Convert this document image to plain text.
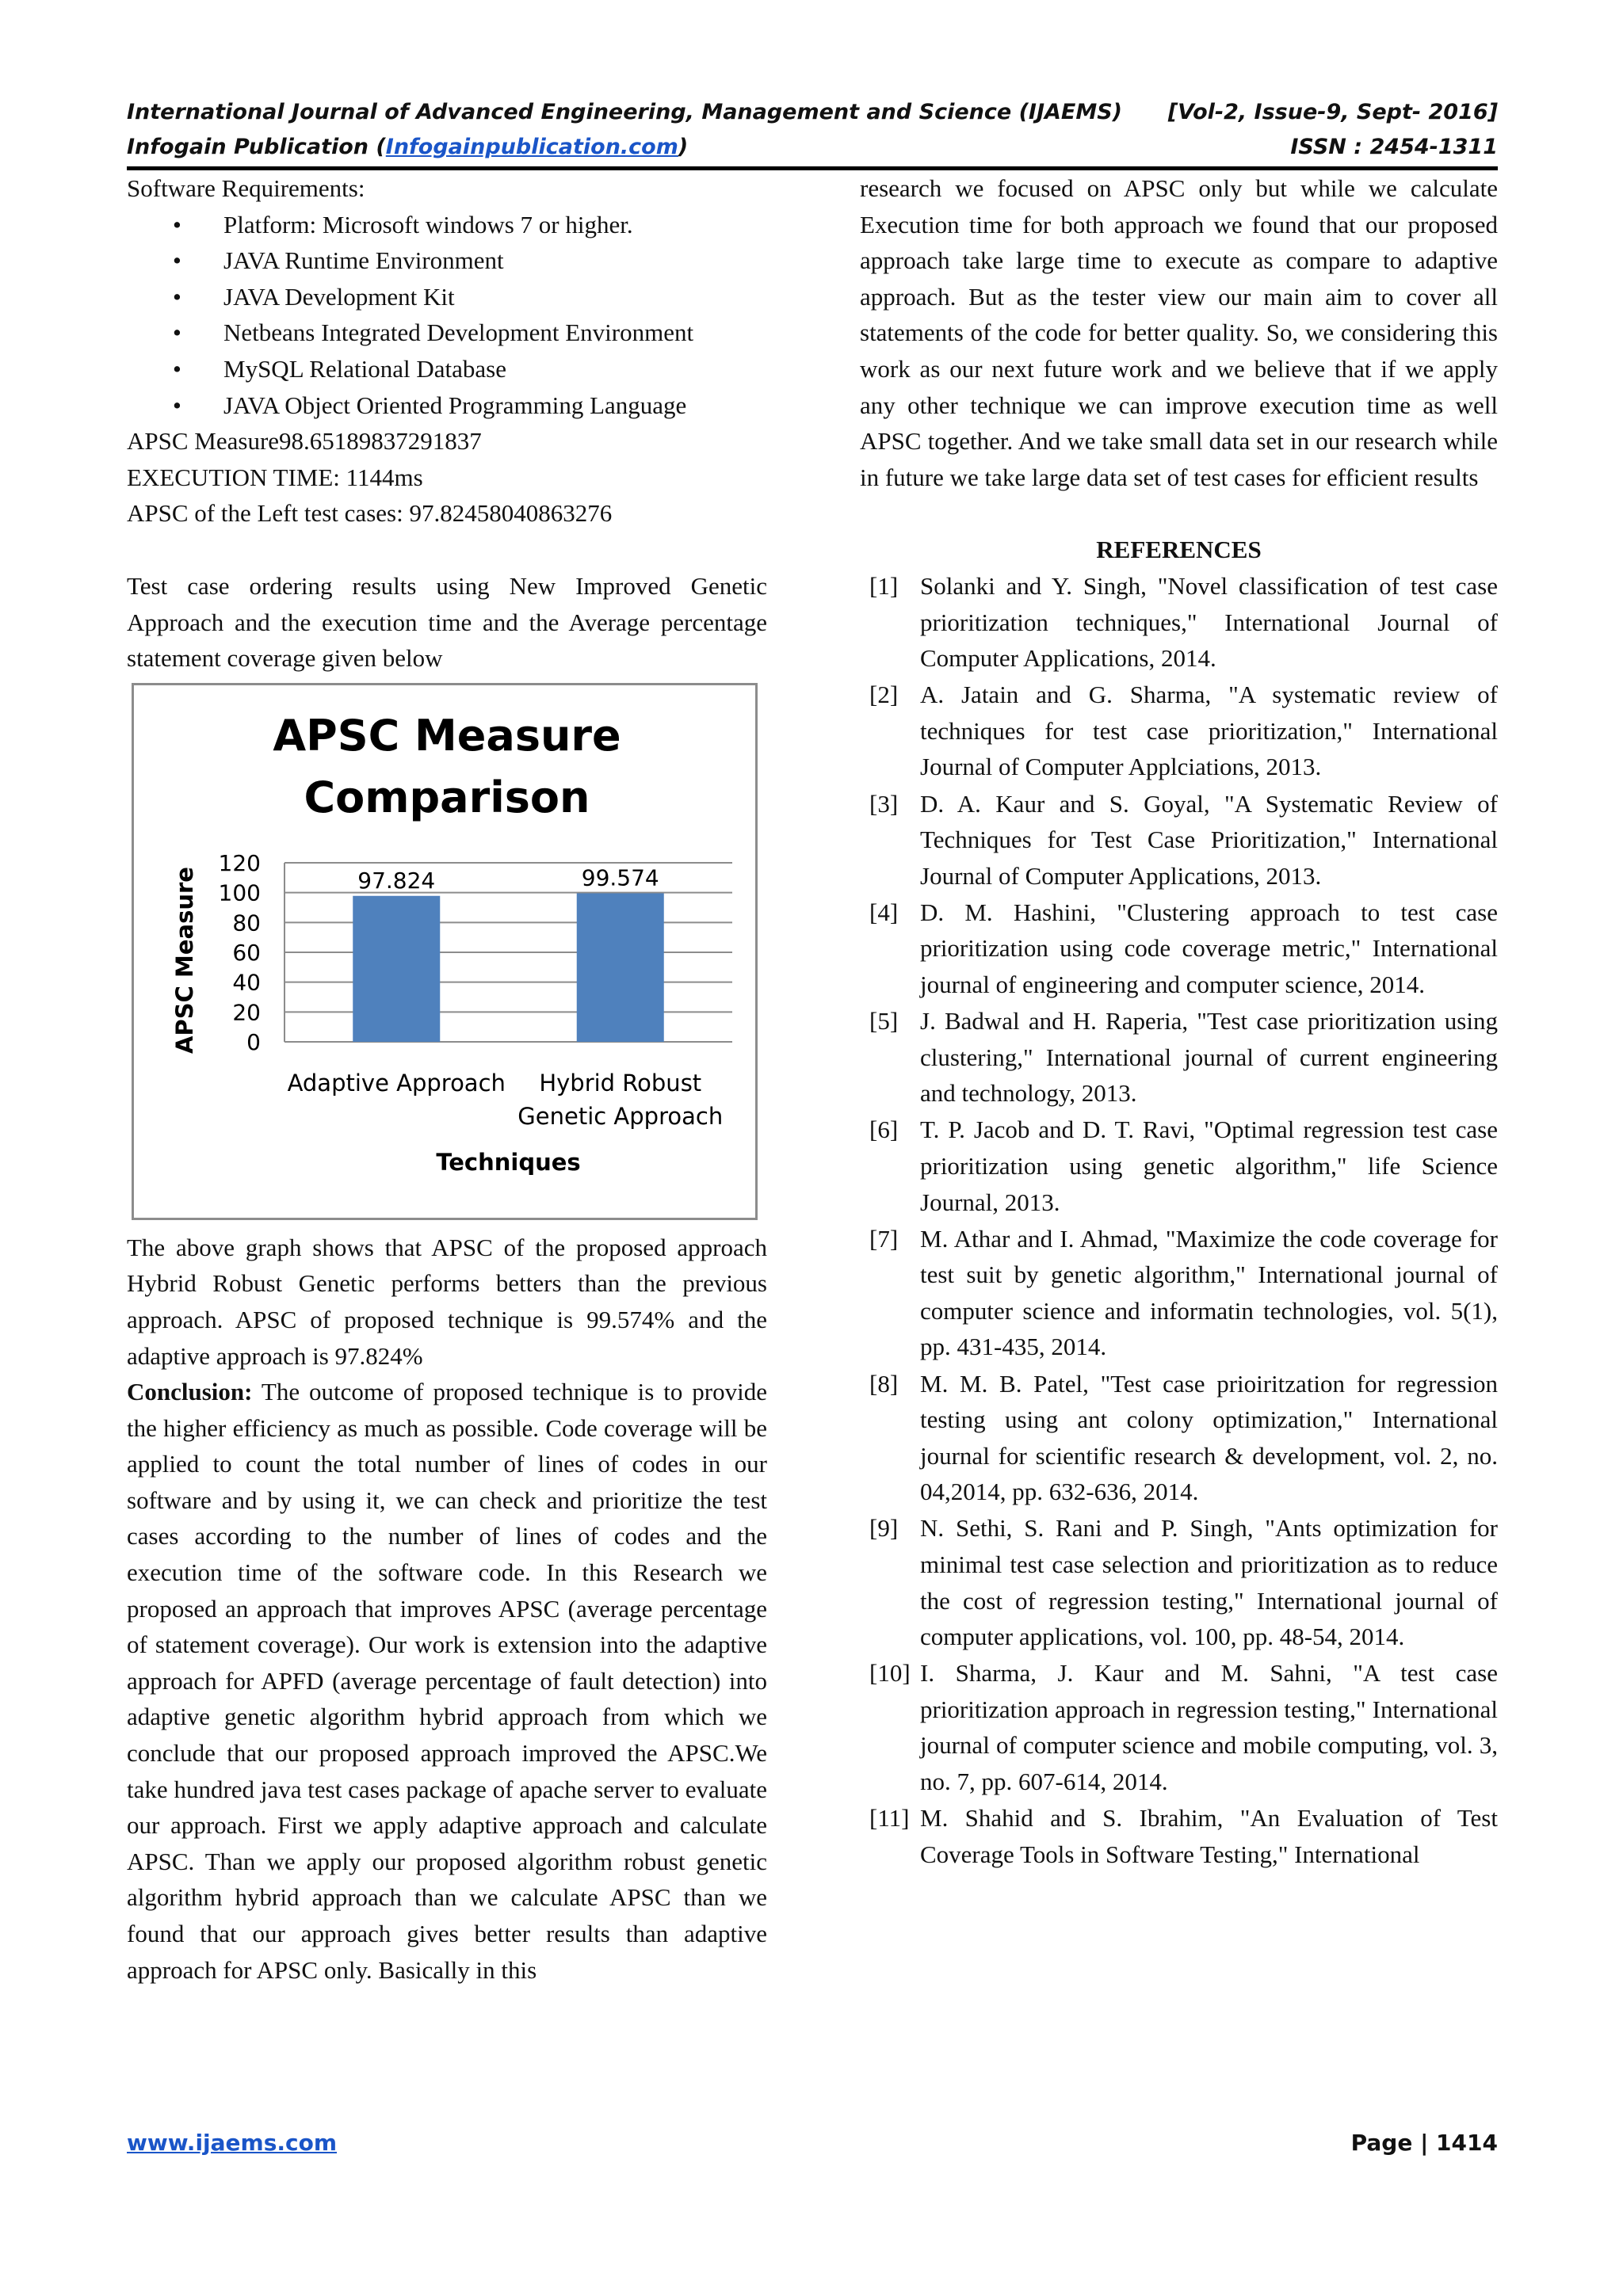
International Journal of Advanced Engineering, Management and Science (IJAEMS) [Vol-2, Issue-9, Sept- 2016]
Infogain Publication (Infogainpublication.com)	ISSN : 2454-1311

Software Requirements:

• Platform: Microsoft windows 7 or higher.
• JAVA Runtime Environment
• JAVA Development Kit
• Netbeans Integrated Development Environment
• MySQL Relational Database
• JAVA Object Oriented Programming Language

APSC Measure98.65189837291837

EXECUTION TIME: 1144ms

APSC of the Left test cases: 97.82458040863276

Test case ordering results using New Improved Genetic Approach and the execution time and the Average percentage statement coverage given below

APSC Measure
Comparison
0
20
40
60
80
100
120
97.824
Adaptive Approach
99.574
Hybrid Robust
Genetic Approach
APSC Measure
Techniques

The above graph shows that APSC of the proposed approach Hybrid Robust Genetic performs betters than the previous approach. APSC of proposed technique is 99.574% and the adaptive approach is 97.824%

Conclusion: The outcome of proposed technique is to provide the higher efficiency as much as possible. Code coverage will be applied to count the total number of lines of codes in our software and by using it, we can check and prioritize the test cases according to the number of lines of codes and the execution time of the software code. In this Research we proposed an approach that improves APSC (average percentage of statement coverage). Our work is extension into the adaptive approach for APFD (average percentage of fault detection) into adaptive genetic algorithm hybrid approach from which we conclude that our proposed approach improved the APSC.We take hundred java test cases package of apache server to evaluate our approach. First we apply adaptive approach and calculate APSC. Than we apply our proposed algorithm robust genetic algorithm hybrid approach than we calculate APSC than we found that our approach gives better results than adaptive approach for APSC only. Basically in this

research we focused on APSC only but while we calculate Execution time for both approach we found that our proposed approach take large time to execute as compare to adaptive approach. But as the tester view our main aim to cover all statements of the code for better quality. So, we considering this work as our next future work and we believe that if we apply any other technique we can improve execution time as well APSC together. And we take small data set in our research while in future we take large data set of test cases for efficient results

REFERENCES

[1] Solanki and Y. Singh, "Novel classification of test case prioritization techniques," International Journal of Computer Applications, 2014.
[2] A. Jatain and G. Sharma, "A systematic review of techniques for test case prioritization," International Journal of Computer Applciations, 2013.
[3] D. A. Kaur and S. Goyal, "A Systematic Review of Techniques for Test Case Prioritization," International Journal of Computer Applications, 2013.
[4] D. M. Hashini, "Clustering approach to test case prioritization using code coverage metric," International journal of engineering and computer science, 2014.
[5] J. Badwal and H. Raperia, "Test case prioritization using clustering," International journal of current engineering and technology, 2013.
[6] T. P. Jacob and D. T. Ravi, "Optimal regression test case prioritization using genetic algorithm," life Science Journal, 2013.
[7] M. Athar and I. Ahmad, "Maximize the code coverage for test suit by genetic algorithm," International journal of computer science and informatin technologies, vol. 5(1), pp. 431-435, 2014.
[8] M. M. B. Patel, "Test case prioiritzation for regression testing using ant colony optimization," International journal for scientific research & development, vol. 2, no. 04,2014, pp. 632-636, 2014.
[9] N. Sethi, S. Rani and P. Singh, "Ants optimization for minimal test case selection and prioritization as to reduce the cost of regression testing," International journal of computer applications, vol. 100, pp. 48-54, 2014.
[10] I. Sharma, J. Kaur and M. Sahni, "A test case prioritization approach in regression testing," International journal of computer science and mobile computing, vol. 3, no. 7, pp. 607-614, 2014.
[11] M. Shahid and S. Ibrahim, "An Evaluation of Test Coverage Tools in Software Testing," International
www.ijaems.com	Page | 1414
